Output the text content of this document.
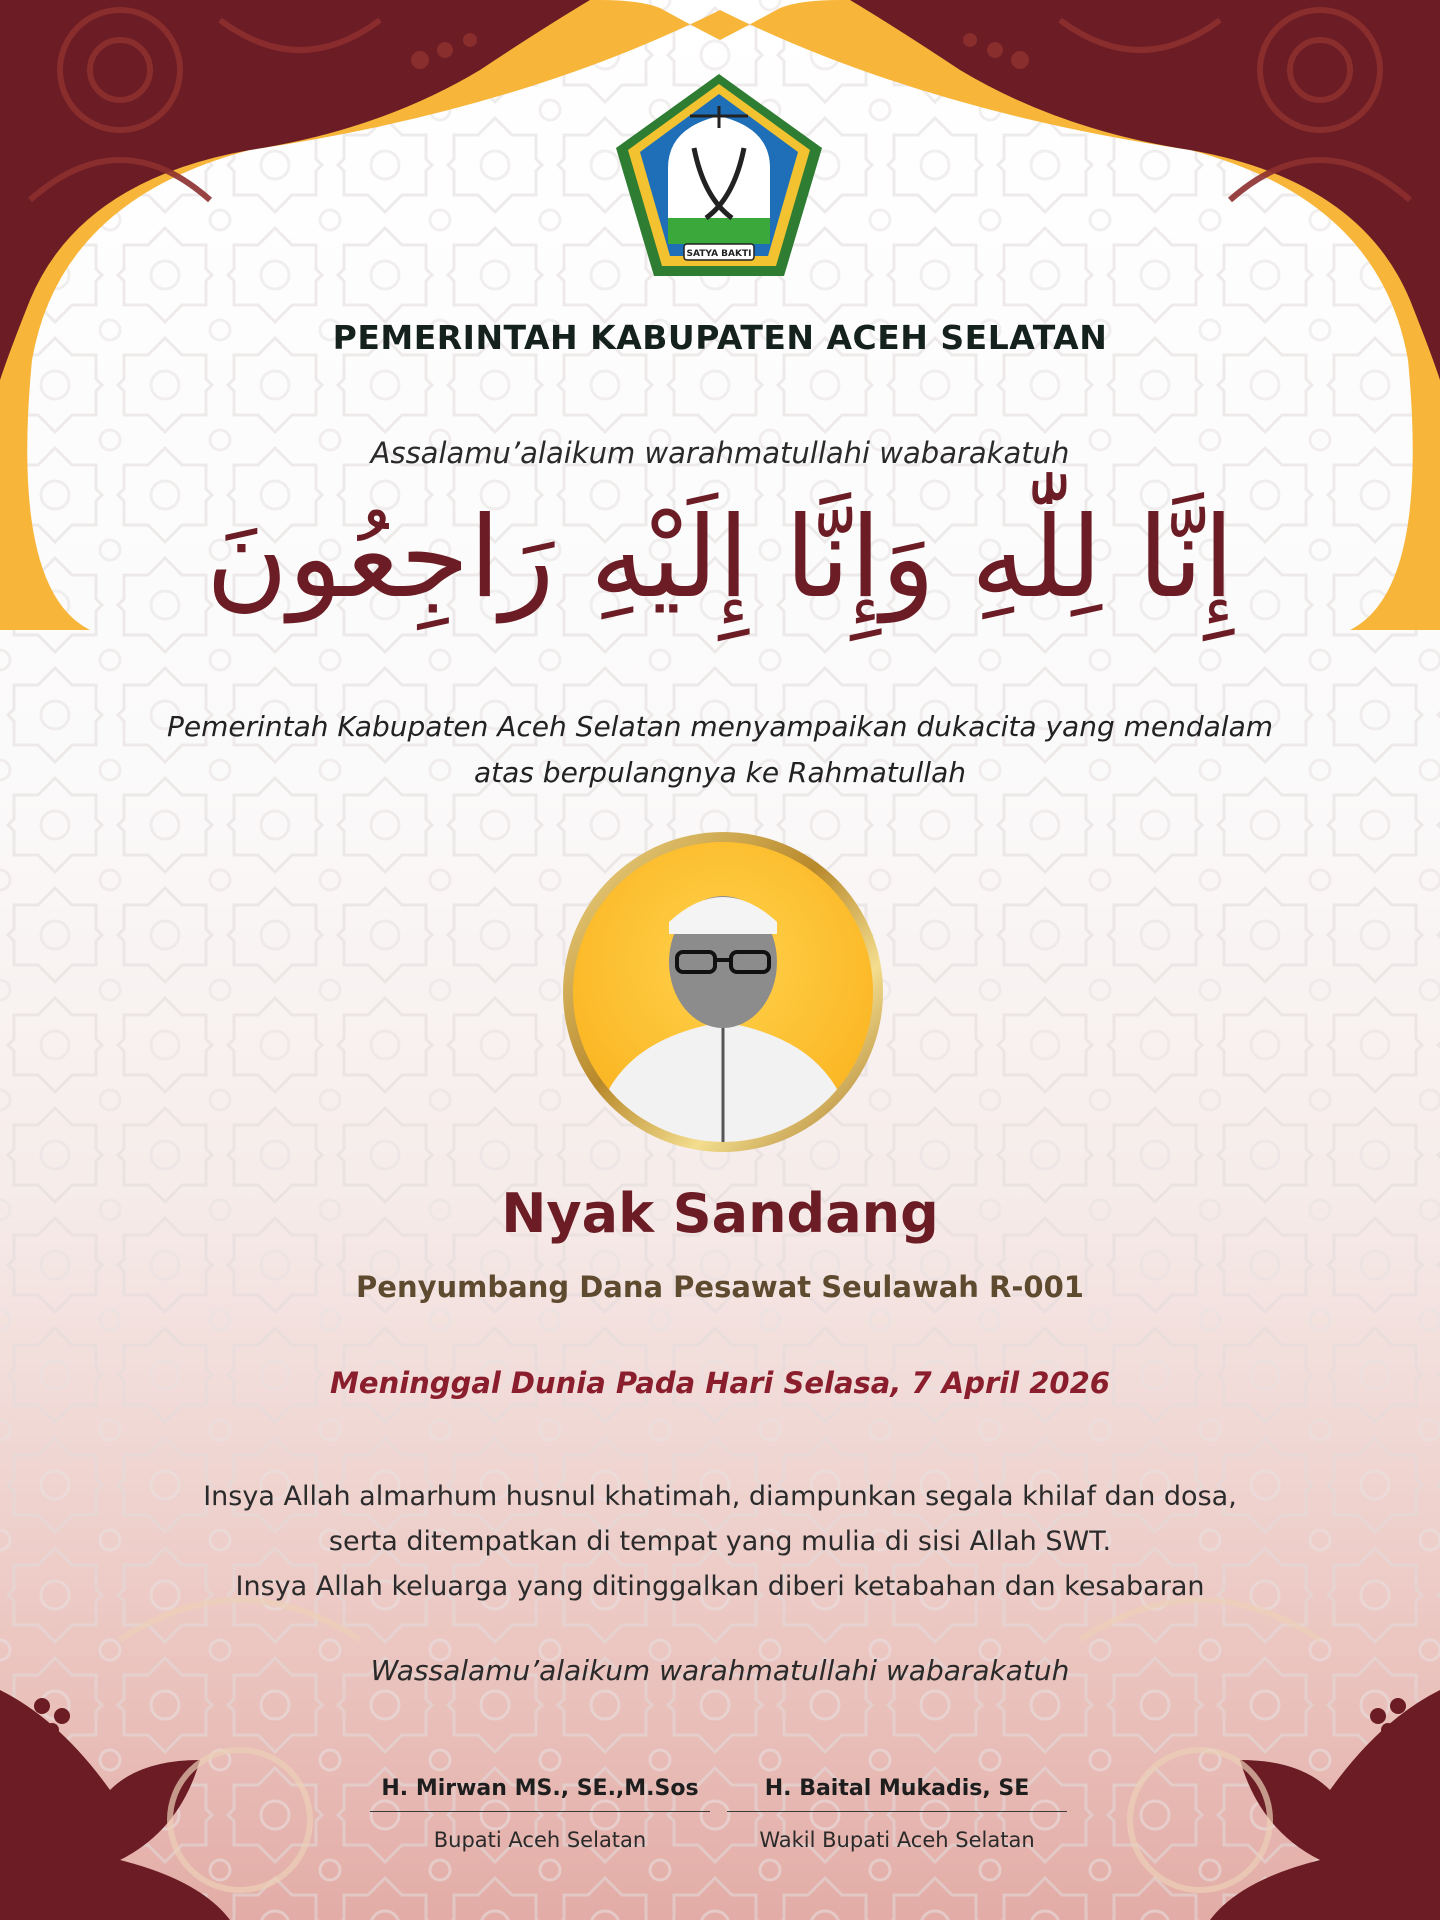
SATYA BAKTI
PEMERINTAH KABUPATEN ACEH SELATAN
Assalamu’alaikum warahmatullahi wabarakatuh
إِنَّا لِلّٰهِ وَإِنَّا إِلَيْهِ رَاجِعُونَ
Pemerintah Kabupaten Aceh Selatan menyampaikan dukacita yang mendalam
atas berpulangnya ke Rahmatullah
Nyak Sandang
Penyumbang Dana Pesawat Seulawah R-001
Meninggal Dunia Pada Hari Selasa, 7 April 2026
Insya Allah almarhum husnul khatimah, diampunkan segala khilaf dan dosa,
serta ditempatkan di tempat yang mulia di sisi Allah SWT.
Insya Allah keluarga yang ditinggalkan diberi ketabahan dan kesabaran
Wassalamu’alaikum warahmatullahi wabarakatuh
H. Mirwan MS., SE.,M.Sos
Bupati Aceh Selatan
H. Baital Mukadis, SE
Wakil Bupati Aceh Selatan
